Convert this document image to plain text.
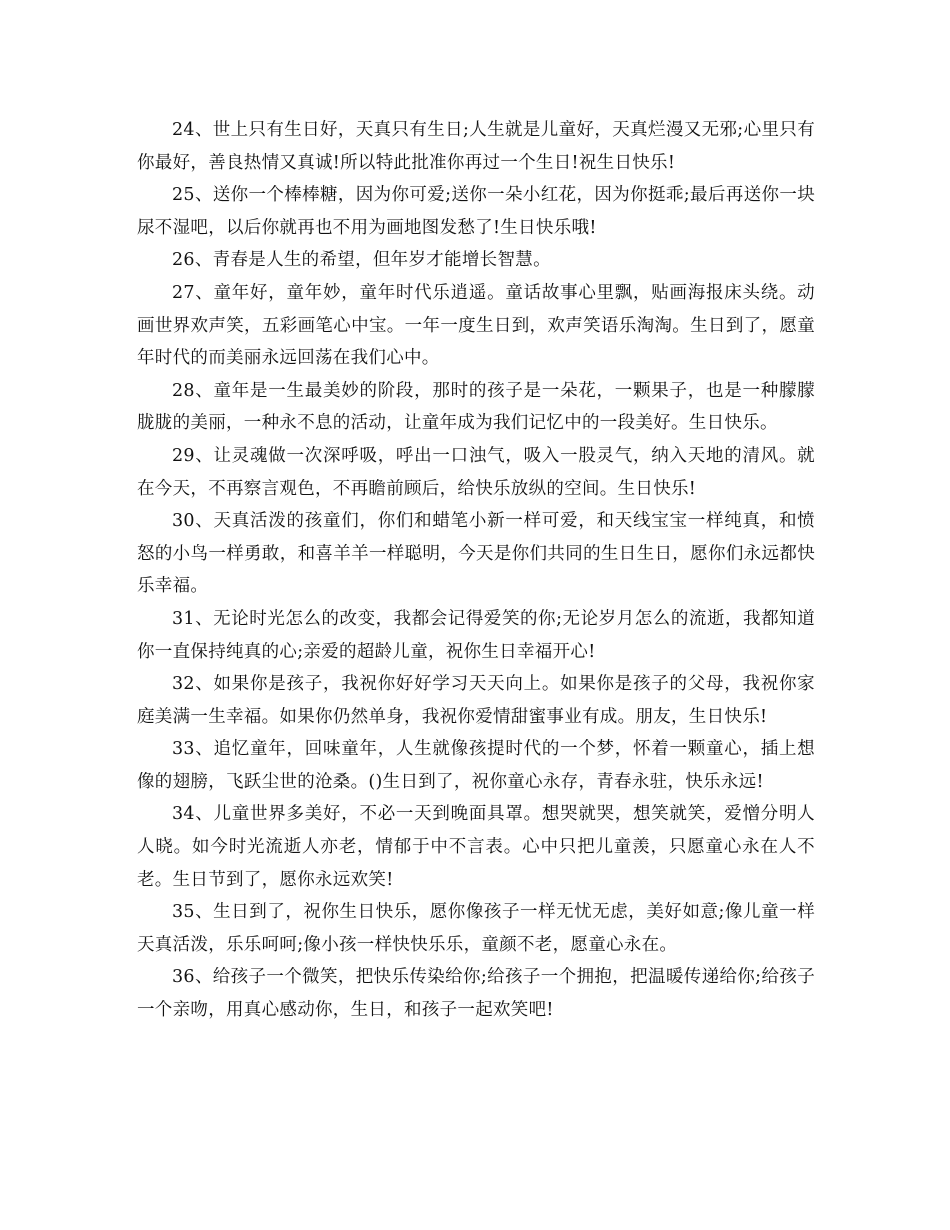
24、世上只有生日好，天真只有生日;人生就是儿童好，天真烂漫又无邪;心里只有你最好，善良热情又真诚!所以特此批准你再过一个生日!祝生日快乐!

25、送你一个棒棒糖，因为你可爱;送你一朵小红花，因为你挺乖;最后再送你一块尿不湿吧，以后你就再也不用为画地图发愁了!生日快乐哦!

26、青春是人生的希望，但年岁才能增长智慧。

27、童年好，童年妙，童年时代乐逍遥。童话故事心里飘，贴画海报床头绕。动画世界欢声笑，五彩画笔心中宝。一年一度生日到，欢声笑语乐淘淘。生日到了，愿童年时代的而美丽永远回荡在我们心中。

28、童年是一生最美妙的阶段，那时的孩子是一朵花，一颗果子，也是一种朦朦胧胧的美丽，一种永不息的活动，让童年成为我们记忆中的一段美好。生日快乐。

29、让灵魂做一次深呼吸，呼出一口浊气，吸入一股灵气，纳入天地的清风。就在今天，不再察言观色，不再瞻前顾后，给快乐放纵的空间。生日快乐!

30、天真活泼的孩童们，你们和蜡笔小新一样可爱，和天线宝宝一样纯真，和愤怒的小鸟一样勇敢，和喜羊羊一样聪明，今天是你们共同的生日生日，愿你们永远都快乐幸福。

31、无论时光怎么的改变，我都会记得爱笑的你;无论岁月怎么的流逝，我都知道你一直保持纯真的心;亲爱的超龄儿童，祝你生日幸福开心!

32、如果你是孩子，我祝你好好学习天天向上。如果你是孩子的父母，我祝你家庭美满一生幸福。如果你仍然单身，我祝你爱情甜蜜事业有成。朋友，生日快乐!

33、追忆童年，回味童年，人生就像孩提时代的一个梦，怀着一颗童心，插上想像的翅膀，飞跃尘世的沧桑。()生日到了，祝你童心永存，青春永驻，快乐永远!

34、儿童世界多美好，不必一天到晚面具罩。想哭就哭，想笑就笑，爱憎分明人人晓。如今时光流逝人亦老，情郁于中不言表。心中只把儿童羡，只愿童心永在人不老。生日节到了，愿你永远欢笑!

35、生日到了，祝你生日快乐，愿你像孩子一样无忧无虑，美好如意;像儿童一样天真活泼，乐乐呵呵;像小孩一样快快乐乐，童颜不老，愿童心永在。

36、给孩子一个微笑，把快乐传染给你;给孩子一个拥抱，把温暖传递给你;给孩子一个亲吻，用真心感动你，生日，和孩子一起欢笑吧!
